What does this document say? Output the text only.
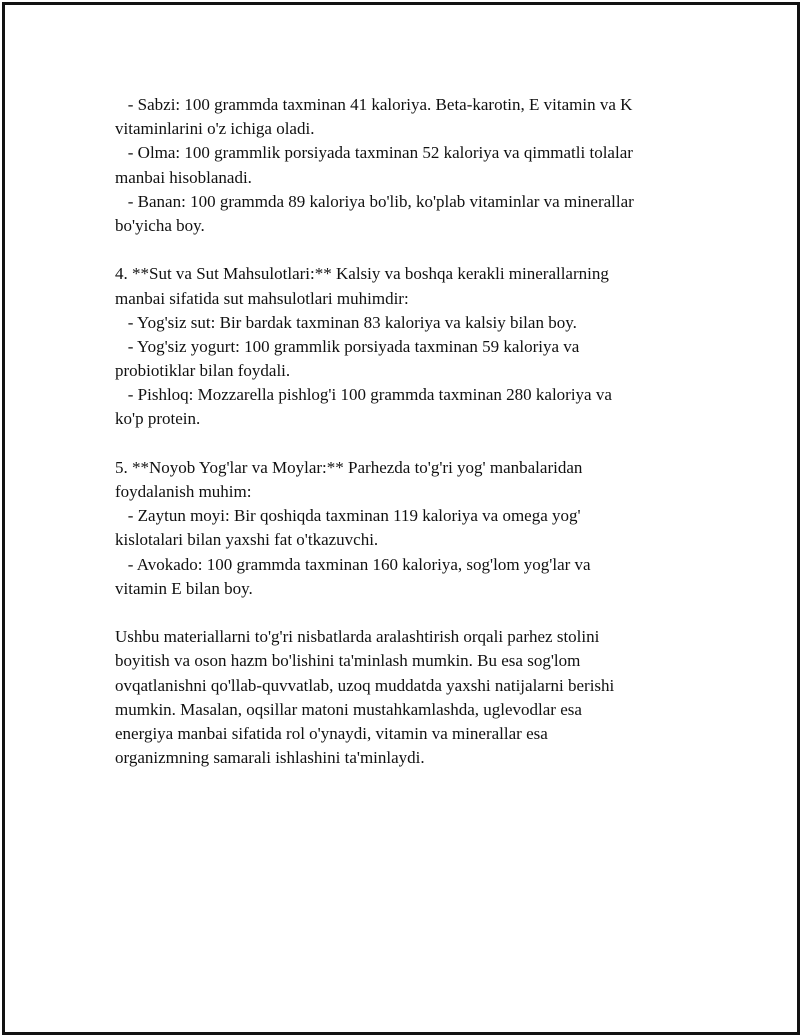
- Sabzi: 100 grammda taxminan 41 kaloriya. Beta-karotin, E vitamin va K
vitaminlarini o'z ichiga oladi.
- Olma: 100 grammlik porsiyada taxminan 52 kaloriya va qimmatli tolalar
manbai hisoblanadi.
- Banan: 100 grammda 89 kaloriya bo'lib, ko'plab vitaminlar va minerallar
bo'yicha boy.
4. **Sut va Sut Mahsulotlari:** Kalsiy va boshqa kerakli minerallarning
manbai sifatida sut mahsulotlari muhimdir:
- Yog'siz sut: Bir bardak taxminan 83 kaloriya va kalsiy bilan boy.
- Yog'siz yogurt: 100 grammlik porsiyada taxminan 59 kaloriya va
probiotiklar bilan foydali.
- Pishloq: Mozzarella pishlog'i 100 grammda taxminan 280 kaloriya va
ko'p protein.
5. **Noyob Yog'lar va Moylar:** Parhezda to'g'ri yog' manbalaridan
foydalanish muhim:
- Zaytun moyi: Bir qoshiqda taxminan 119 kaloriya va omega yog'
kislotalari bilan yaxshi fat o'tkazuvchi.
- Avokado: 100 grammda taxminan 160 kaloriya, sog'lom yog'lar va
vitamin E bilan boy.
Ushbu materiallarni to'g'ri nisbatlarda aralashtirish orqali parhez stolini
boyitish va oson hazm bo'lishini ta'minlash mumkin. Bu esa sog'lom
ovqatlanishni qo'llab-quvvatlab, uzoq muddatda yaxshi natijalarni berishi
mumkin. Masalan, oqsillar matoni mustahkamlashda, uglevodlar esa
energiya manbai sifatida rol o'ynaydi, vitamin va minerallar esa
organizmning samarali ishlashini ta'minlaydi.
